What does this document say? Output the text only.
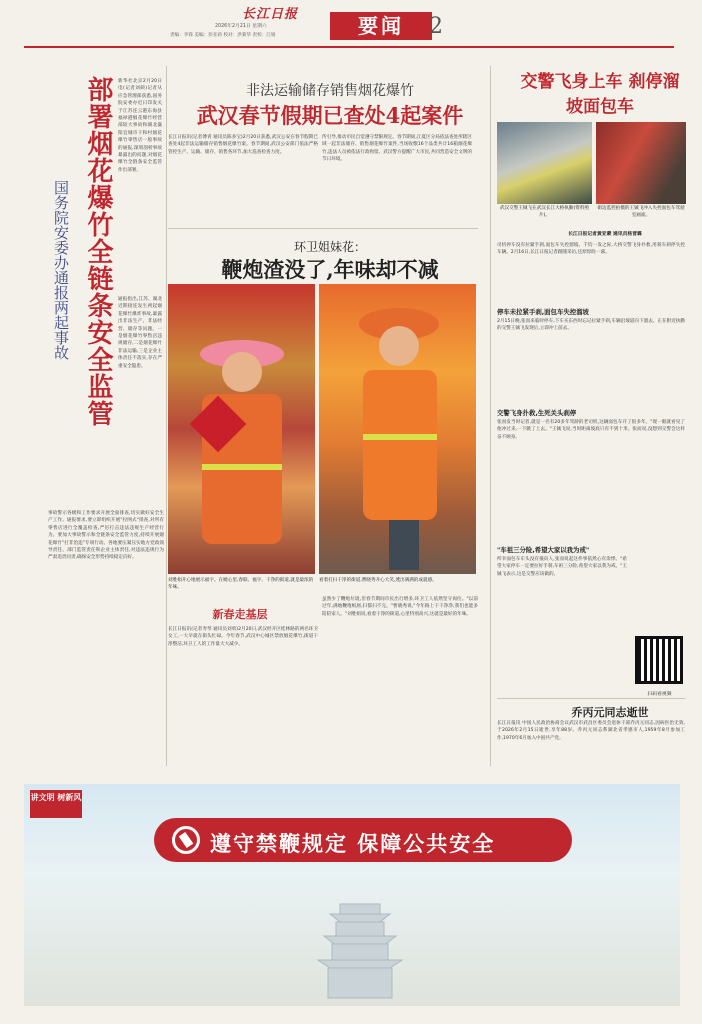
长江日报
2026年2月21日 星期六
责编：李锋 美编：彭亚莉 校对：洪菊华 责校：江娟	要闻	2
部署烟花爆竹全链条安全监管
国务院安委办通报两起事故
新华社北京2月20日电(记者刘硕)记者从应急管理部获悉,国务院安委办近日印发关于江苏连云港东海县福禄港烟花爆竹经营部较大事故和湖北襄阳宜城市干和村烟花爆竹零售店一般事故的通报,深刻剖析事故暴露出的问题,对烟花爆竹全链条安全监管作出部署。
通报指出,江苏、湖北近期接连发生两起烟花爆竹爆炸事故,暴露出非法生产、非法经营、储存等问题。一是烟花爆竹零售店违规储存,二是烟花爆竹非法运输,三是企业主体责任不落实,存在严重安全隐患。
事故警示各级和工作要求开展全面排查,切实做好安全生产工作。通报要求,要立即组织开展"拉网式"排查,对所有零售店进行全覆盖检查,严厉打击违法违规生产经营行为。要加大事故警示和全链条安全监管力度,持续开展烟花爆竹"打非治违"专项行动。各地要压紧压实地方党政领导责任、部门监管责任和企业主体责任,对违法违规行为严肃追责问责,确保安全形势持续稳定向好。
非法运输储存销售烟花爆竹
武汉春节假期已查处4起案件
长江日报讯(记者傅青 通讯员陈多宝)2月20日获悉,武汉公安在春节假期已查处4起非法运输储存销售烟花爆竹案。春节期间,武汉公安部门依法严格管控生产、运输、储存、销售各环节,加大巡查检查力度。
传引导,推动市民自觉遵守禁限规定。春节期间,江夏区分局依法查处所辖区域一起非法储存、销售烟花爆竹案件,当场收缴16个品类共计16箱烟花爆竹,违法人员被依法行政拘留。武汉警方提醒广大市民,共同营造安全文明的节日环境。
交警飞身上车 刹停溜坡面包车
武汉交警王铖飞在武汉长江大桥执勤(资料照片)。
街边监控拍摄的王铖飞冲入失控面包车驾驶室画面。
长江日报记者黄亚蒙 通讯员杨晋霖
司机停车没有拉紧手刹,面包车失控溜坡。千钧一发之际,大桥交警飞身扑救,用刹车刹停失控车辆。2月16日,长江日报记者跟随采访,还原惊险一幕。
停车未拉紧手刹,面包车失控溜坡
2月15日晚,张而来临时停车,下车买东西时忘记拉紧手刹,车辆沿坡道向下溜去。正在附近执勤的交警王铖飞发现后,立即冲上前去。
交警飞身扑救,生死关头刹停
张而发当时记者,就是一名有20多年驾龄的老司机,这辆面包车开了很多年。"现一眼就看见了他冲过来,一下跳了上去。"王铖飞说,当时距离坡底只有不到十米。张而说,没想到交警会这样奋不顾身。
"车祖三分险,希望大家以我为戒"
所幸面包车车头没有撞向人,张而说起这件事依然心有余悸。"希望大家停车一定要拉好手刹,车祖三分险,希望大家以我为戒。"王铖飞表示,这是交警应该做的。
扫码看视频
环卫姐妹花：
鞭炮渣没了,年味却不减
刘胜娟开心地展示福字。在她心里,春联、福字、干净的街道,就是最浓的年味。
看着打扫干净的街道,曹晓秀开心大笑,透出满满的成就感。
新春走基层
长江日报讯(记者寿琴 通讯员刘勇)2月20日,武汉经开区桂林路的两名环卫女工,一大早就在街头忙碌。今年春节,武汉中心城区禁放烟花爆竹,街道干净整洁,环卫工人的工作量大大减少。
虽然少了鞭炮垃圾,但春节期间市民出行增多,环卫工人依然坚守岗位。"以前过年,满地鞭炮纸屑,扫都扫不完。"曹晓秀说,"今年路上干干净净,我们也能多陪陪家人。"刘胜娟说,看着干净的街道,心里特别高兴,这就是最好的年味。
乔丙元同志逝世
长江日报讯 中国人民政治协商会议武汉市武昌区委员会退休干部乔丙元同志,因病医治无效,于2026年2月15日逝世,享年88岁。乔丙元同志系湖北省孝感市人,1959年8月参加工作,1970年6月加入中国共产党。
讲文明 树新风
遵守禁鞭规定 保障公共安全
